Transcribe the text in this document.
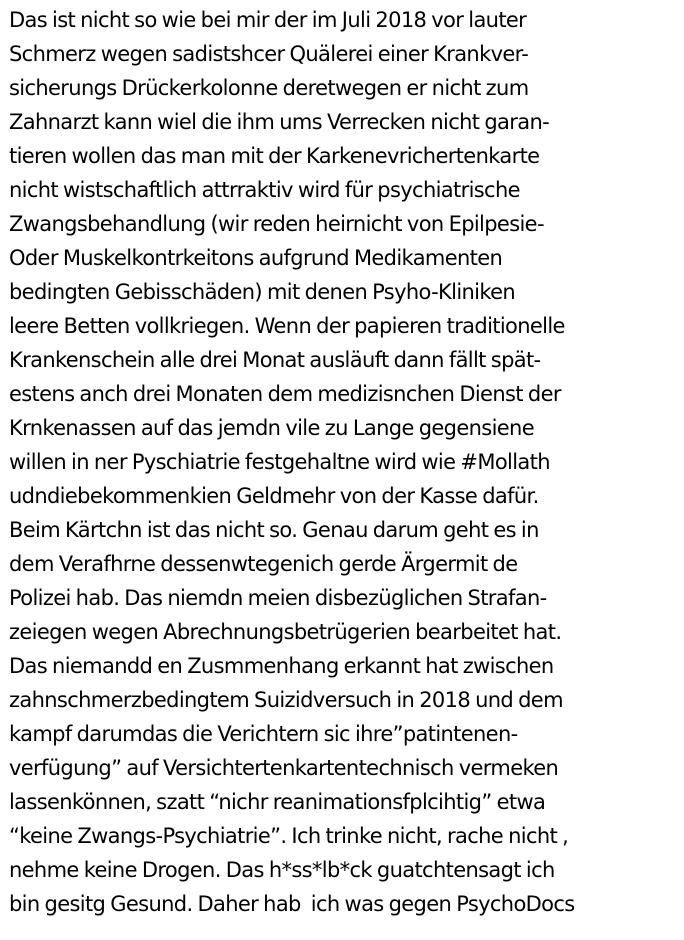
Das ist nicht so wie bei mir der im Juli 2018 vor lauter
Schmerz wegen sadistshcer Quälerei einer Krankver-
sicherungs Drückerkolonne deretwegen er nicht zum
Zahnarzt kann wiel die ihm ums Verrecken nicht garan-
tieren wollen das man mit der Karkenevrichertenkarte
nicht wistschaftlich attrraktiv wird für psychiatrische
Zwangsbehandlung (wir reden heirnicht von Epilpesie-
Oder Muskelkontrkeitons aufgrund Medikamenten
bedingten Gebisschäden) mit denen Psyho-Kliniken
leere Betten vollkriegen. Wenn der papieren traditionelle
Krankenschein alle drei Monat ausläuft dann fällt spät-
estens anch drei Monaten dem medizisnchen Dienst der
Krnkenassen auf das jemdn vile zu Lange gegensiene
willen in ner Pyschiatrie festgehaltne wird wie #Mollath
udndiebekommenkien Geldmehr von der Kasse dafür.
Beim Kärtchn ist das nicht so. Genau darum geht es in
dem Verafhrne dessenwtegenich gerde Ärgermit de
Polizei hab. Das niemdn meien disbezüglichen Strafan-
zeiegen wegen Abrechnungsbetrügerien bearbeitet hat.
Das niemandd en Zusmmenhang erkannt hat zwischen
zahnschmerzbedingtem Suizidversuch in 2018 und dem
kampf darumdas die Verichtern sic ihre”patintenen-
verfügung” auf Versichtertenkartentechnisch vermeken
lassenkönnen, szatt “nichr reanimationsfplcihtig” etwa
“keine Zwangs-Psychiatrie”. Ich trinke nicht, rache nicht ,
nehme keine Drogen. Das h*ss*lb*ck guatchtensagt ich
bin gesitg Gesund. Daher hab  ich was gegen PsychoDocs
